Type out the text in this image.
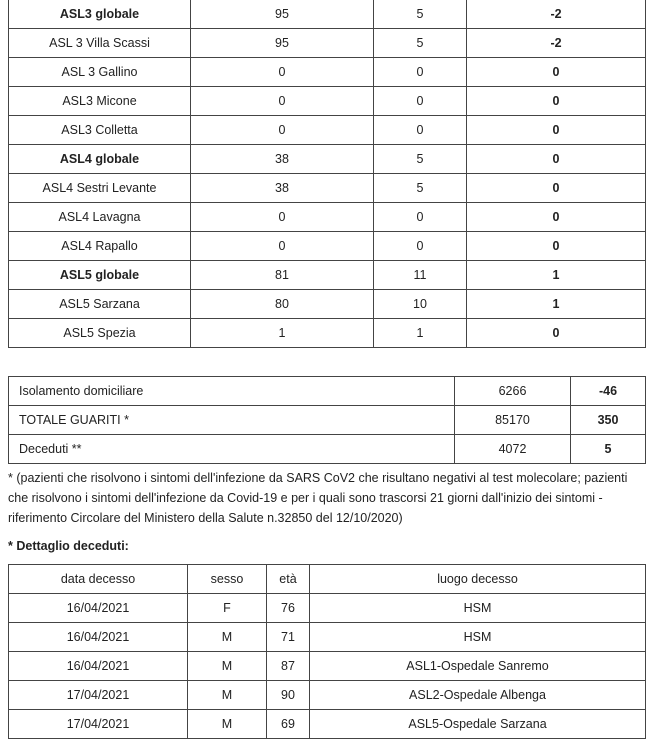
ASL3 globale	95	5	-2
ASL 3 Villa Scassi	95	5	-2
ASL 3 Gallino	0	0	0
ASL3 Micone	0	0	0
ASL3 Colletta	0	0	0
ASL4 globale	38	5	0
ASL4 Sestri Levante	38	5	0
ASL4 Lavagna	0	0	0
ASL4 Rapallo	0	0	0
ASL5 globale	81	11	1
ASL5 Sarzana	80	10	1
ASL5 Spezia	1	1	0
Isolamento domiciliare	6266	-46
TOTALE GUARITI *	85170	350
Deceduti **	4072	5
* (pazienti che risolvono i sintomi dell'infezione da SARS CoV2 che risultano negativi al test molecolare; pazienti che risolvono i sintomi dell'infezione da Covid-19 e per i quali sono trascorsi 21 giorni dall'inizio dei sintomi - riferimento Circolare del Ministero della Salute n.32850 del 12/10/2020)
* Dettaglio deceduti:
data decesso	sesso	età	luogo decesso
16/04/2021	F	76	HSM
16/04/2021	M	71	HSM
16/04/2021	M	87	ASL1-Ospedale Sanremo
17/04/2021	M	90	ASL2-Ospedale Albenga
17/04/2021	M	69	ASL5-Ospedale Sarzana
